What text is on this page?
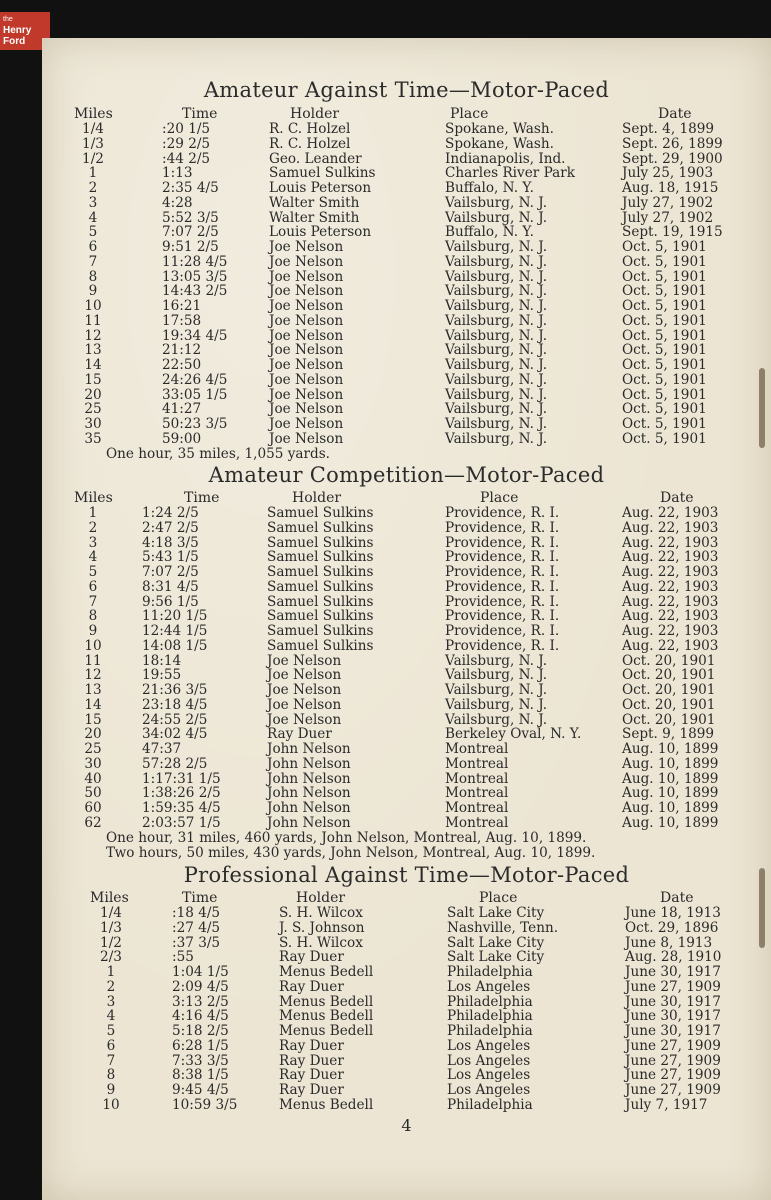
the
Henry
Ford
Amateur Against Time—Motor-Paced
Miles	Time	Holder	Place	Date
1/4	:20 1/5	R. C. Holzel	Spokane, Wash.	Sept. 4, 1899
1/3	:29 2/5	R. C. Holzel	Spokane, Wash.	Sept. 26, 1899
1/2	:44 2/5	Geo. Leander	Indianapolis, Ind.	Sept. 29, 1900
1	1:13	Samuel Sulkins	Charles River Park	July 25, 1903
2	2:35 4/5	Louis Peterson	Buffalo, N. Y.	Aug. 18, 1915
3	4:28	Walter Smith	Vailsburg, N. J.	July 27, 1902
4	5:52 3/5	Walter Smith	Vailsburg, N. J.	July 27, 1902
5	7:07 2/5	Louis Peterson	Buffalo, N. Y.	Sept. 19, 1915
6	9:51 2/5	Joe Nelson	Vailsburg, N. J.	Oct. 5, 1901
7	11:28 4/5	Joe Nelson	Vailsburg, N. J.	Oct. 5, 1901
8	13:05 3/5	Joe Nelson	Vailsburg, N. J.	Oct. 5, 1901
9	14:43 2/5	Joe Nelson	Vailsburg, N. J.	Oct. 5, 1901
10	16:21	Joe Nelson	Vailsburg, N. J.	Oct. 5, 1901
11	17:58	Joe Nelson	Vailsburg, N. J.	Oct. 5, 1901
12	19:34 4/5	Joe Nelson	Vailsburg, N. J.	Oct. 5, 1901
13	21:12	Joe Nelson	Vailsburg, N. J.	Oct. 5, 1901
14	22:50	Joe Nelson	Vailsburg, N. J.	Oct. 5, 1901
15	24:26 4/5	Joe Nelson	Vailsburg, N. J.	Oct. 5, 1901
20	33:05 1/5	Joe Nelson	Vailsburg, N. J.	Oct. 5, 1901
25	41:27	Joe Nelson	Vailsburg, N. J.	Oct. 5, 1901
30	50:23 3/5	Joe Nelson	Vailsburg, N. J.	Oct. 5, 1901
35	59:00	Joe Nelson	Vailsburg, N. J.	Oct. 5, 1901
One hour, 35 miles, 1,055 yards.
Amateur Competition—Motor-Paced
Miles	Time	Holder	Place	Date
1	1:24 2/5	Samuel Sulkins	Providence, R. I.	Aug. 22, 1903
2	2:47 2/5	Samuel Sulkins	Providence, R. I.	Aug. 22, 1903
3	4:18 3/5	Samuel Sulkins	Providence, R. I.	Aug. 22, 1903
4	5:43 1/5	Samuel Sulkins	Providence, R. I.	Aug. 22, 1903
5	7:07 2/5	Samuel Sulkins	Providence, R. I.	Aug. 22, 1903
6	8:31 4/5	Samuel Sulkins	Providence, R. I.	Aug. 22, 1903
7	9:56 1/5	Samuel Sulkins	Providence, R. I.	Aug. 22, 1903
8	11:20 1/5	Samuel Sulkins	Providence, R. I.	Aug. 22, 1903
9	12:44 1/5	Samuel Sulkins	Providence, R. I.	Aug. 22, 1903
10	14:08 1/5	Samuel Sulkins	Providence, R. I.	Aug. 22, 1903
11	18:14	Joe Nelson	Vailsburg, N. J.	Oct. 20, 1901
12	19:55	Joe Nelson	Vailsburg, N. J.	Oct. 20, 1901
13	21:36 3/5	Joe Nelson	Vailsburg, N. J.	Oct. 20, 1901
14	23:18 4/5	Joe Nelson	Vailsburg, N. J.	Oct. 20, 1901
15	24:55 2/5	Joe Nelson	Vailsburg, N. J.	Oct. 20, 1901
20	34:02 4/5	Ray Duer	Berkeley Oval, N. Y.	Sept. 9, 1899
25	47:37	John Nelson	Montreal	Aug. 10, 1899
30	57:28 2/5	John Nelson	Montreal	Aug. 10, 1899
40	1:17:31 1/5	John Nelson	Montreal	Aug. 10, 1899
50	1:38:26 2/5	John Nelson	Montreal	Aug. 10, 1899
60	1:59:35 4/5	John Nelson	Montreal	Aug. 10, 1899
62	2:03:57 1/5	John Nelson	Montreal	Aug. 10, 1899
One hour, 31 miles, 460 yards, John Nelson, Montreal, Aug. 10, 1899.
Two hours, 50 miles, 430 yards, John Nelson, Montreal, Aug. 10, 1899.
Professional Against Time—Motor-Paced
Miles	Time	Holder	Place	Date
1/4	:18 4/5	S. H. Wilcox	Salt Lake City	June 18, 1913
1/3	:27 4/5	J. S. Johnson	Nashville, Tenn.	Oct. 29, 1896
1/2	:37 3/5	S. H. Wilcox	Salt Lake City	June 8, 1913
2/3	:55	Ray Duer	Salt Lake City	Aug. 28, 1910
1	1:04 1/5	Menus Bedell	Philadelphia	June 30, 1917
2	2:09 4/5	Ray Duer	Los Angeles	June 27, 1909
3	3:13 2/5	Menus Bedell	Philadelphia	June 30, 1917
4	4:16 4/5	Menus Bedell	Philadelphia	June 30, 1917
5	5:18 2/5	Menus Bedell	Philadelphia	June 30, 1917
6	6:28 1/5	Ray Duer	Los Angeles	June 27, 1909
7	7:33 3/5	Ray Duer	Los Angeles	June 27, 1909
8	8:38 1/5	Ray Duer	Los Angeles	June 27, 1909
9	9:45 4/5	Ray Duer	Los Angeles	June 27, 1909
10	10:59 3/5	Menus Bedell	Philadelphia	July 7, 1917
4
